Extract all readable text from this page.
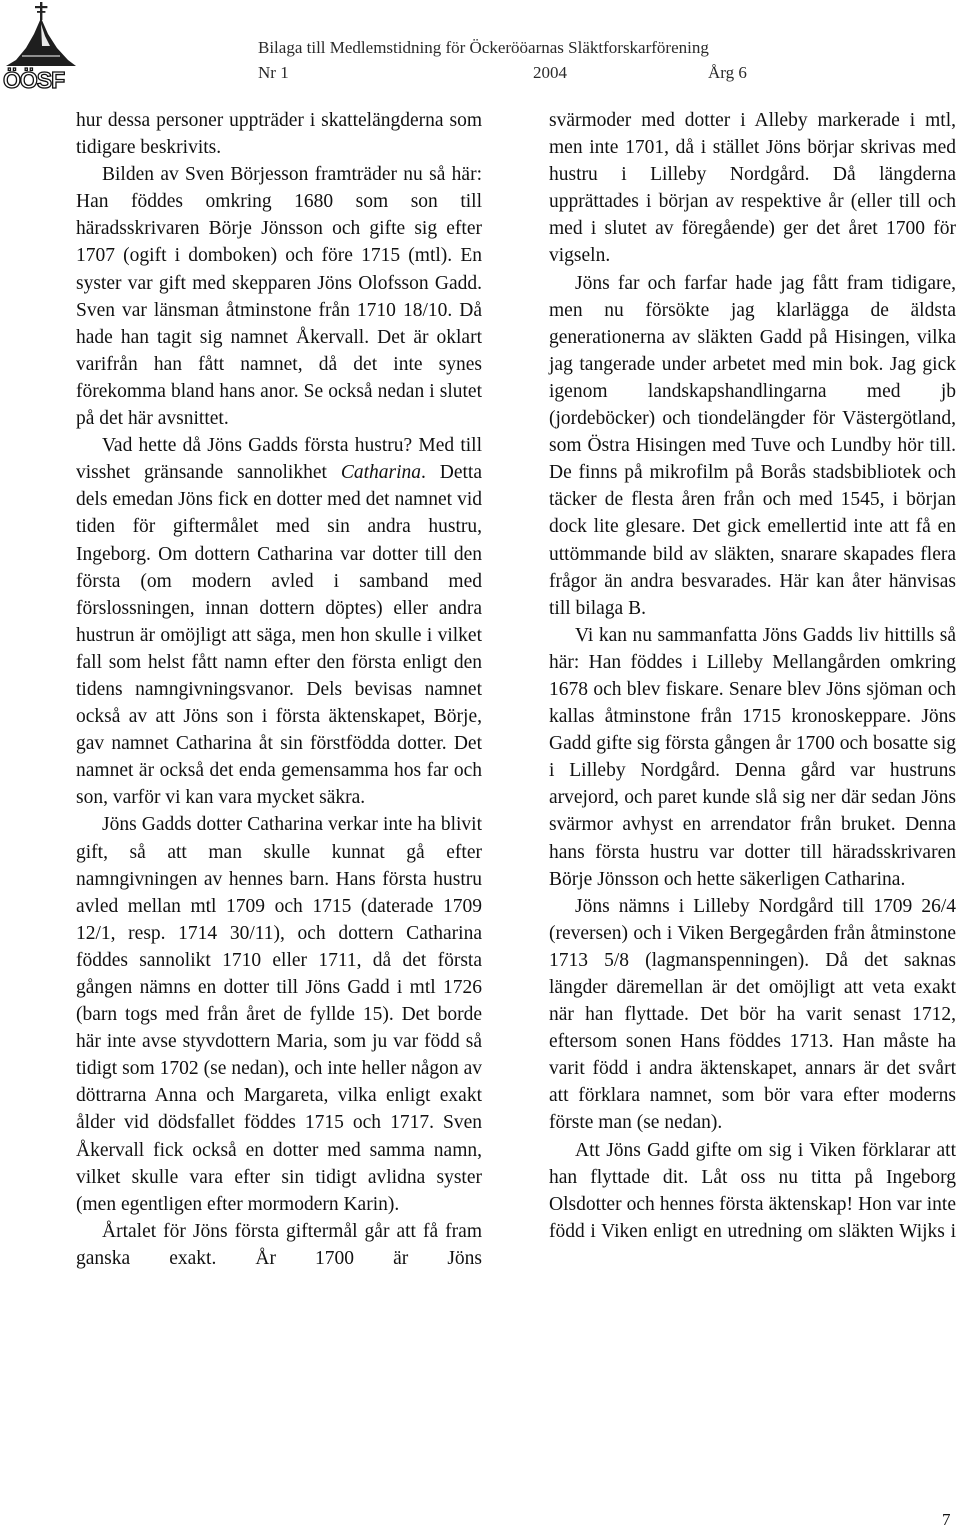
ÖÖSF
Bilaga till Medlemstidning för Öckerööarnas Släktforskarförening
Nr 1	2004	Årg 6

hur dessa personer uppträder i skattelängderna som tidigare beskrivits.

Bilden av Sven Börjesson framträder nu så här: Han föddes omkring 1680 som son till häradsskrivaren Börje Jönsson och gifte sig efter 1707 (ogift i domboken) och före 1715 (mtl). En syster var gift med skepparen Jöns Olofsson Gadd. Sven var länsman åtminstone från 1710 18/10. Då hade han tagit sig namnet Åkervall. Det är oklart varifrån han fått namnet, då det inte synes förekomma bland hans anor. Se också nedan i slutet på det här avsnittet.

Vad hette då Jöns Gadds första hustru? Med till visshet gränsande sannolikhet Catharina. Detta dels emedan Jöns fick en dotter med det namnet vid tiden för giftermålet med sin andra hustru, Ingeborg. Om dottern Catharina var dotter till den första (om modern avled i samband med förslossningen, innan dottern döptes) eller andra hustrun är omöjligt att säga, men hon skulle i vilket fall som helst fått namn efter den första enligt den tidens namngivningsvanor. Dels bevisas namnet också av att Jöns son i första äktenskapet, Börje, gav namnet Catharina åt sin förstfödda dotter. Det namnet är också det enda gemensamma hos far och son, varför vi kan vara mycket säkra.

Jöns Gadds dotter Catharina verkar inte ha blivit gift, så att man skulle kunnat gå efter namngivningen av hennes barn. Hans första hustru avled mellan mtl 1709 och 1715 (daterade 1709 12/1, resp. 1714 30/11), och dottern Catharina föddes sannolikt 1710 eller 1711, då det första gången nämns en dotter till Jöns Gadd i mtl 1726 (barn togs med från året de fyllde 15). Det borde här inte avse styvdottern Maria, som ju var född så tidigt som 1702 (se nedan), och inte heller någon av döttrarna Anna och Margareta, vilka enligt exakt ålder vid dödsfallet föddes 1715 och 1717. Sven Åkervall fick också en dotter med samma namn, vilket skulle vara efter sin tidigt avlidna syster (men egentligen efter mormodern Karin).

Årtalet för Jöns första giftermål går att få fram ganska exakt. År 1700 är Jöns

svärmoder med dotter i Alleby markerade i mtl, men inte 1701, då i stället Jöns börjar skrivas med hustru i Lilleby Nordgård. Då längderna upprättades i början av respektive år (eller till och med i slutet av föregående) ger det året 1700 för vigseln.

Jöns far och farfar hade jag fått fram tidigare, men nu försökte jag klarlägga de äldsta generationerna av släkten Gadd på Hisingen, vilka jag tangerade under arbetet med min bok. Jag gick igenom landskapshandlingarna med jb (jordeböcker) och tiondelängder för Västergötland, som Östra Hisingen med Tuve och Lundby hör till. De finns på mikrofilm på Borås stadsbibliotek och täcker de flesta åren från och med 1545, i början dock lite glesare. Det gick emellertid inte att få en uttömmande bild av släkten, snarare skapades flera frågor än andra besvarades. Här kan åter hänvisas till bilaga B.

Vi kan nu sammanfatta Jöns Gadds liv hittills så här: Han föddes i Lilleby Mellangården omkring 1678 och blev fiskare. Senare blev Jöns sjöman och kallas åtminstone från 1715 kronoskeppare. Jöns Gadd gifte sig första gången år 1700 och bosatte sig i Lilleby Nordgård. Denna gård var hustruns arvejord, och paret kunde slå sig ner där sedan Jöns svärmor avhyst en arrendator från bruket. Denna hans första hustru var dotter till häradsskrivaren Börje Jönsson och hette säkerligen Catharina.

Jöns nämns i Lilleby Nordgård till 1709 26/4 (reversen) och i Viken Bergegården från åtminstone 1713 5/8 (lagmanspenningen). Då det saknas längder däremellan är det omöjligt att veta exakt när han flyttade. Det bör ha varit senast 1712, eftersom sonen Hans föddes 1713. Han måste ha varit född i andra äktenskapet, annars är det svårt att förklara namnet, som bör vara efter moderns förste man (se nedan).

Att Jöns Gadd gifte om sig i Viken förklarar att han flyttade dit. Låt oss nu titta på Ingeborg Olsdotter och hennes första äktenskap! Hon var inte född i Viken enligt en utredning om släkten Wijks i

7
